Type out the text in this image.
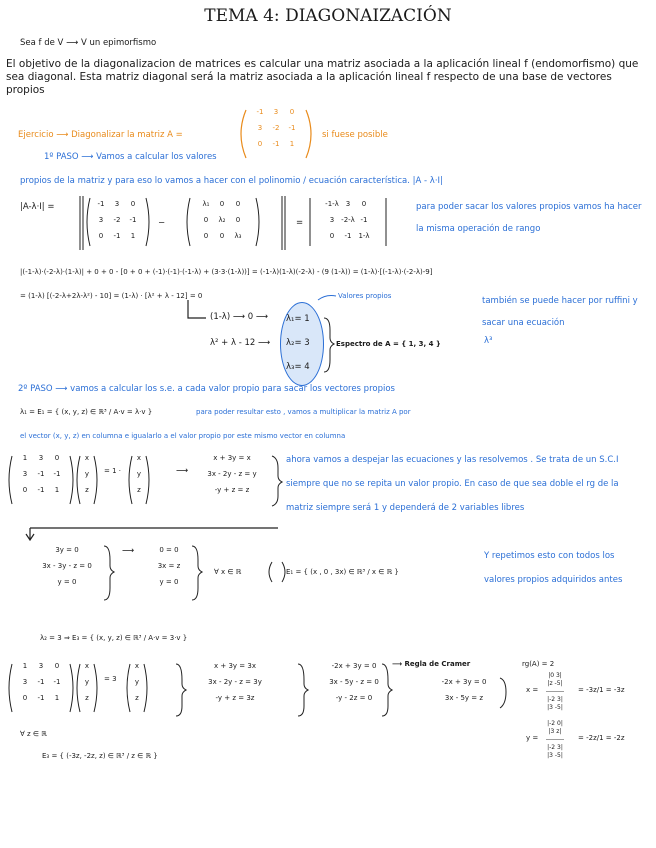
TEMA 4: DIAGONAIZACIÓN
Sea f de V ⟶ V un epimorfismo
El objetivo de la diagonalizacion de matrices es calcular una matriz asociada a la aplicación lineal f (endomorfismo) que sea diagonal. Esta matriz diagonal será la matriz asociada a la aplicación lineal f respecto de una base de vectores propios
Ejercicio ⟶ Diagonalizar la matriz A =
-1 3 0
3 -2 -1
0 -1 1
si fuese posible
1º PASO ⟶ Vamos a calcular los valores
propios de la matriz y para eso lo vamos a hacer con el polinomio / ecuación característica. |A - λ·I|
|A-λ·I| =	-1 3 0
3 -2 -1
0 -1 1
−
λ₁ 0 0
0 λ₂ 0
0 0 λ₃
=
-1-λ 3 0
3 -2-λ -1
0 -1 1-λ
para poder sacar los valores propios vamos ha hacer la misma operación de rango
|(-1-λ)·(-2-λ)·(1-λ)| + 0 + 0 - [0 + 0 + (-1)·(-1)·(-1-λ) + (3·3·(1-λ))] = (-1-λ)(1-λ)(-2-λ) - (9 (1-λ)) = (1-λ)·[(-1-λ)·(-2-λ)-9]
= (1-λ) [(-2-λ+2λ-λ²) - 10] = (1-λ) · [λ² + λ - 12] = 0	Valores propios	también se puede hacer por ruffini y sacar una ecuación
λ³
(1-λ) ⟶ 0 ⟶
λ² + λ - 12 ⟶
λ₁= 1
λ₂= 3
λ₃= 4
Espectro de A = { 1, 3, 4 }
2º PASO ⟶ vamos a calcular los s.e. a cada valor propio para sacar los vectores propios
λ₁ = E₁ = { (x, y, z) ∈ ℝ³ / A·v = λ·v }	para poder resultar esto , vamos a multiplicar la matriz A por
el vector (x, y, z) en columna e igualarlo a el valor propio por este mismo vector en columna
1 3 0
3 -1 -1
0 -1 1
x
y
z
= 1 ·
x
y
z
⟶
x + 3y = x
3x - 2y - z = y
-y + z = z
ahora vamos a despejar las ecuaciones y las resolvemos . Se trata de un S.C.I siempre que no se repita un valor propio. En caso de que sea doble el rg de la matriz siempre será 1 y dependerá de 2 variables libres
3y = 0
3x - 3y - z = 0
y = 0
⟶	0 = 0
3x = z
y = 0
∀ x ∈ ℝ	E₁ = { (x , 0 , 3x) ∈ ℝ³ / x ∈ ℝ }
Y repetimos esto con todos los valores propios adquiridos antes
λ₂ = 3 ⇒ E₃ = { (x, y, z) ∈ ℝ³ / A·v = 3·v }
1 3 0
3 -1 -1
0 -1 1
x
y
z
= 3
x
y
z
x + 3y = 3x
3x - 2y - z = 3y
-y + z = 3z
-2x + 3y = 0
3x - 5y - z = 0
-y - 2z = 0
⟶ Regla de Cramer	rg(A) = 2
-2x + 3y = 0
3x - 5y = z
x =
|0 3|
|z -5|
―――
|-2 3|
|3 -5|
= -3z/1 = -3z
y =
|-2 0|
|3 z|
―――
|-2 3|
|3 -5|
= -2z/1 = -2z
∀ z ∈ ℝ
E₃ = { (-3z, -2z, z) ∈ ℝ³ / z ∈ ℝ }
